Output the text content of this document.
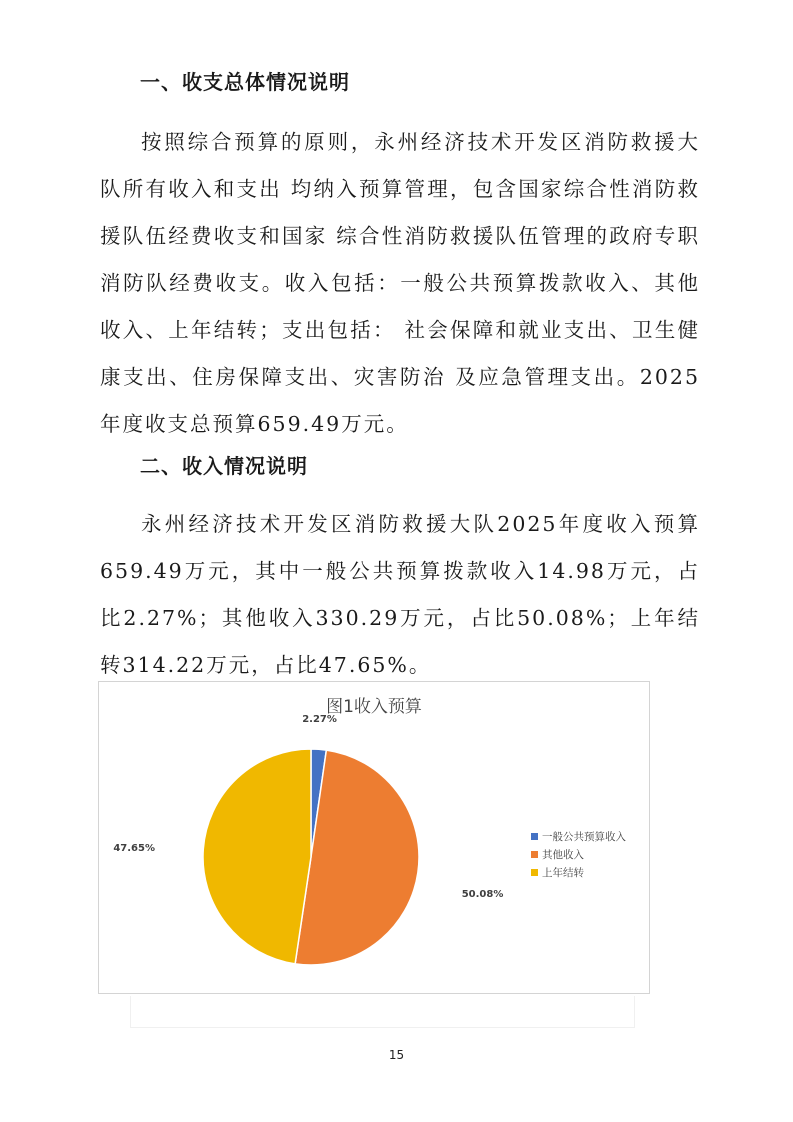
一、收支总体情况说明

按照综合预算的原则，永州经济技术开发区消防救援大队所有收入和支出 均纳入预算管理，包含国家综合性消防救援队伍经费收支和国家 综合性消防救援队伍管理的政府专职消防队经费收支。收入包括：一般公共预算拨款收入、其他收入、上年结转；支出包括： 社会保障和就业支出、卫生健康支出、住房保障支出、灾害防治 及应急管理支出。2025年度收支总预算659.49万元。

二、收入情况说明

永州经济技术开发区消防救援大队2025年度收入预算659.49万元，其中一般公共预算拨款收入14.98万元，占比2.27%；其他收入330.29万元，占比50.08%；上年结转314.22万元，占比47.65%。

图1收入预算
一般公共预算收入
其他收入
上年结转
2.27%
50.08%
47.65%
15
